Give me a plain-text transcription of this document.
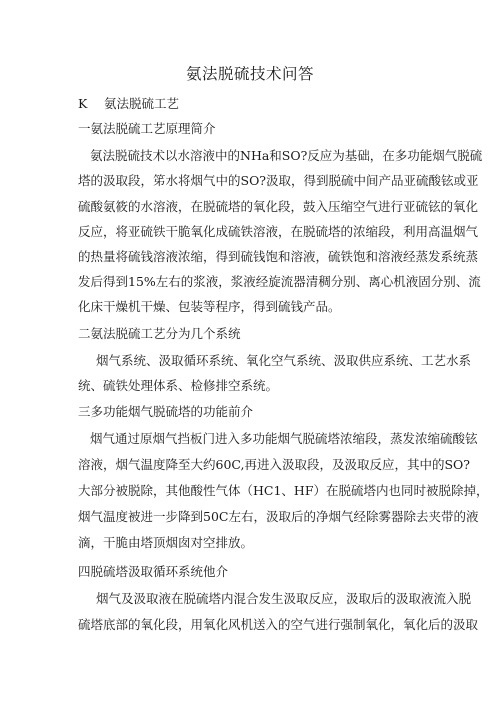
氨法脱硫技术问答
K 氨法脱硫工艺
一氨法脱硫工艺原理简介
氨法脱硫技术以水溶液中的NHa和SO?反应为基础，在多功能烟气脱硫
塔的汲取段，笫水将烟气中的SO?汲取，得到脱硫中间产品亚硫酸铉或亚
硫酸氨筱的水溶液，在脱硫塔的氧化段，鼓入压缩空气进行亚硫铉的氧化
反应，将亚硫铁干脆氧化成硫铁溶液，在脱硫塔的浓缩段，利用高温烟气
的热量将硫钱溶液浓缩，得到硫钱饱和溶液，硫铁饱和溶液经蒸发系统蒸
发后得到15%左右的浆液，浆液经旋流器清稠分别、离心机液固分别、流
化床干燥机干燥、包装等程序，得到硫钱产品。
二氨法脱硫工艺分为几个系统
烟气系统、汲取循环系统、氧化空气系统、汲取供应系统、工艺水系
统、硫铁处理体系、检修排空系统。
三多功能烟气脱硫塔的功能前介
烟气通过原烟气挡板门进入多功能烟气脱硫塔浓缩段，蒸发浓缩硫酸铉
溶液，烟气温度降至大约60C,再进入汲取段，及汲取反应，其中的SO?
大部分被脱除，其他酸性气体（HC1、HF）在脱硫塔内也同时被脱除掉，
烟气温度被进一步降到50C左右，汲取后的净烟气经除雾器除去夹带的液
滴，干脆由塔顶烟囱对空排放。
四脱硫塔汲取循环系统他介
烟气及汲取液在脱硫塔内混合发生汲取反应，汲取后的汲取液流入脱
硫塔底部的氧化段，用氧化风机送入的空气进行强制氧化，氧化后的汲取
